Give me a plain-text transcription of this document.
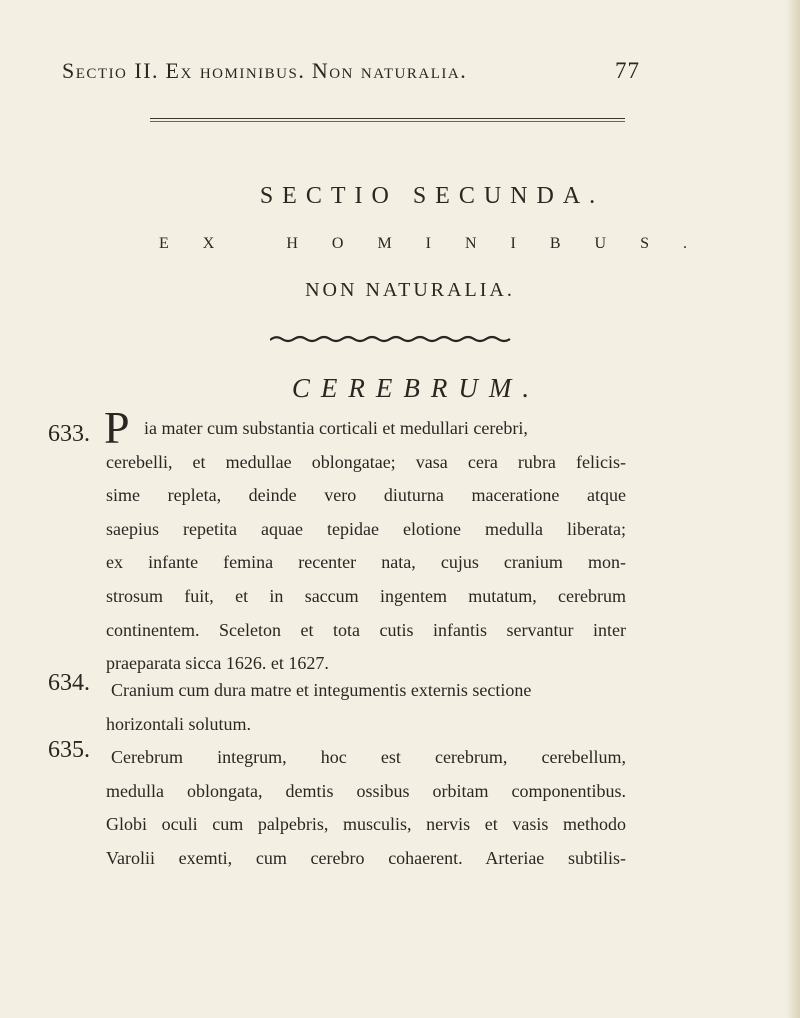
Sectio II. Ex hominibus. Non naturalia.	77
SECTIO SECUNDA.
EX HOMINIBUS.
NON NATURALIA.
CEREBRUM.
633. P ia mater cum substantia corticali et medullari cerebri,
cerebelli, et medullae oblongatae; vasa cera rubra felicis-
sime repleta, deinde vero diuturna maceratione atque
saepius repetita aquae tepidae elotione medulla liberata;
ex infante femina recenter nata, cujus cranium mon-
strosum fuit, et in saccum ingentem mutatum, cerebrum
continentem. Sceleton et tota cutis infantis servantur inter
praeparata sicca 1626. et 1627.
634. Cranium cum dura matre et integumentis externis sectione
horizontali solutum.
635. Cerebrum integrum, hoc est cerebrum, cerebellum,
medulla oblongata, demtis ossibus orbitam componentibus.
Globi oculi cum palpebris, musculis, nervis et vasis methodo
Varolii exemti, cum cerebro cohaerent. Arteriae subtilis-
